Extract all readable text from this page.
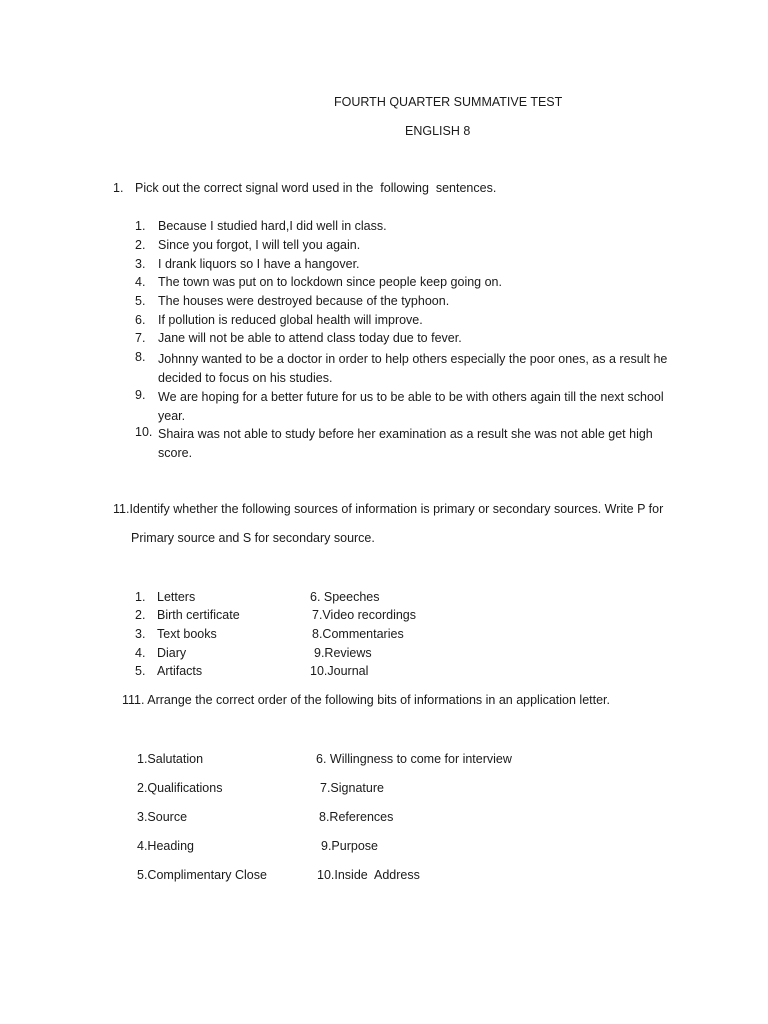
FOURTH QUARTER SUMMATIVE TEST
ENGLISH 8
1. Pick out the correct signal word used in the  following  sentences.
1. Because I studied hard,I did well in class.
2. Since you forgot, I will tell you again.
3. I drank liquors so I have a hangover.
4. The town was put on to lockdown since people keep going on.
5. The houses were destroyed because of the typhoon.
6. If pollution is reduced global health will improve.
7. Jane will not be able to attend class today due to fever.
8. Johnny wanted to be a doctor in order to help others especially the poor ones, as a result he decided to focus on his studies.
9. We are hoping for a better future for us to be able to be with others again till the next school year.
10. Shaira was not able to study before her examination as a result she was not able get high score.
11.Identify whether the following sources of information is primary or secondary sources. Write P for
Primary source and S for secondary source.
1. Letters
2. Birth certificate
3. Text books
4. Diary
5. Artifacts
6. Speeches
7.Video recordings
8.Commentaries
9.Reviews
10.Journal
111. Arrange the correct order of the following bits of informations in an application letter.
1.Salutation
2.Qualifications
3.Source
4.Heading
5.Complimentary Close
6. Willingness to come for interview
7.Signature
8.References
9.Purpose
10.Inside  Address
